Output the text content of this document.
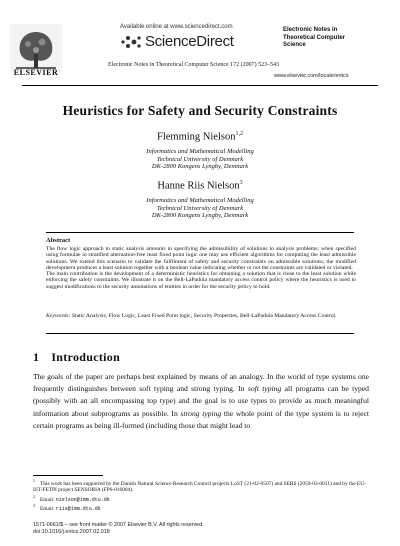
ELSEVIER
Available online at www.sciencedirect.com
ScienceDirect
Electronic Notes in Theoretical Computer Science 172 (2007) 523–543
Electronic Notes in
Theoretical Computer
Science
www.elsevier.com/locate/entcs
Heuristics for Safety and Security Constraints
Flemming Nielson$^{1,2}$
Informatics and Mathematical Modelling
Technical University of Denmark
DK-2800 Kongens Lyngby, Denmark
Hanne Riis Nielson$^3$
Informatics and Mathematical Modelling
Technical University of Denmark
DK-2800 Kongens Lyngby, Denmark
Abstract

The flow logic approach to static analysis amounts to specifying the admissibility of solutions to analysis problems; when specified using formulae in stratified alternation-free least fixed point logic one may use efficient algorithms for computing the least admissible solutions. We extend this scenario to validate the fulfilment of safety and security constraints on admissible solutions; the modified development produces a least solution together with a boolean value indicating whether or not the constraints are validated or violated.

The main contribution is the development of a deterministic heuristics for obtaining a solution that is close to the least solution while enforcing the safety constraints. We illustrate it on the Bell-LaPadula mandatory access control policy where the heuristics is used to suggest modifications to the security annotations of entities in order for the security policy to hold.

Keywords: Static Analysis, Flow Logic, Least Fixed Point logic, Security Properties, Bell-LaPadula Mandatory Access Control.
1 Introduction
The goals of the paper are perhaps best explained by means of an analogy. In the world of type systems one frequently distinguishes between soft typing and strong typing. In soft typing all programs can be typed (possibly with an all encompassing top type) and the goal is to use types to provide as much meaningful information about subprograms as possible. In strong typing the whole point of the type system is to reject certain programs as being ill-formed (including those that might lead to
$^1$This work has been supported by the Danish Natural Science Research Council projects LoST (21-02-0507) and SERS (2059-03-0011) and by the EU-IST-FETPI project SENSORIA (FP6-016004).
$^2$Email: nielson@imm.dtu.dk
$^3$Email: riis@imm.dtu.dk
1571-0661/$ – see front matter © 2007 Elsevier B.V. All rights reserved.
doi:10.1016/j.entcs.2007.02.018
